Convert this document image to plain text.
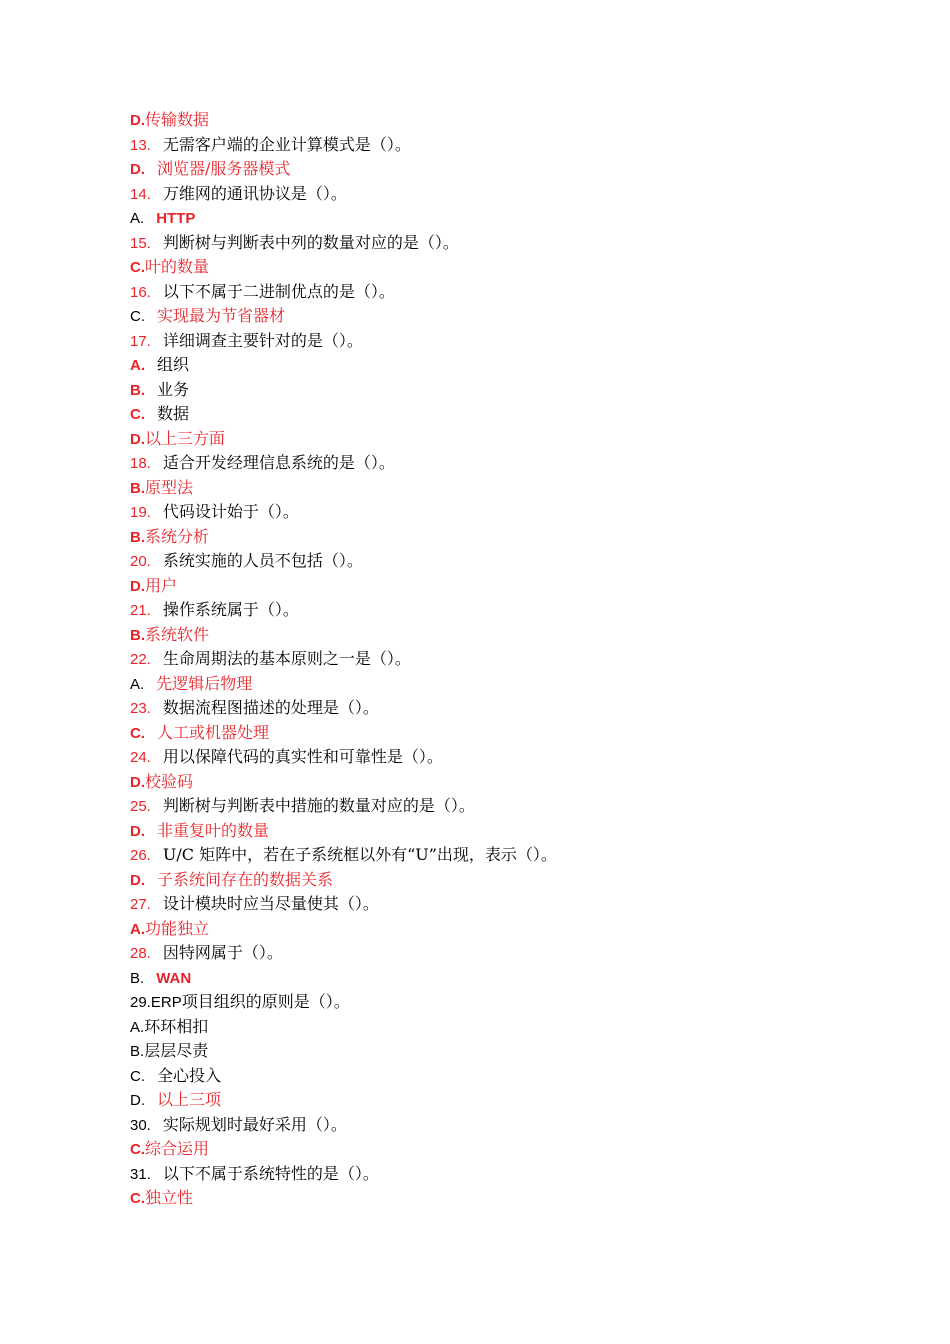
D.传输数据
13. 无需客户端的企业计算模式是（）。
D. 浏览器/服务器模式
14. 万维网的通讯协议是（）。
A. HTTP
15. 判断树与判断表中列的数量对应的是（）。
C.叶的数量
16. 以下不属于二进制优点的是（）。
C. 实现最为节省器材
17. 详细调查主要针对的是（）。
A. 组织
B. 业务
C. 数据
D.以上三方面
18. 适合开发经理信息系统的是（）。
B.原型法
19. 代码设计始于（）。
B.系统分析
20. 系统实施的人员不包括（）。
D.用户
21. 操作系统属于（）。
B.系统软件
22. 生命周期法的基本原则之一是（）。
A. 先逻辑后物理
23. 数据流程图描述的处理是（）。
C. 人工或机器处理
24. 用以保障代码的真实性和可靠性是（）。
D.校验码
25. 判断树与判断表中措施的数量对应的是（）。
D. 非重复叶的数量
26. U/C 矩阵中，若在子系统框以外有“U”出现，表示（）。
D. 子系统间存在的数据关系
27. 设计模块时应当尽量使其（）。
A.功能独立
28. 因特网属于（）。
B. WAN
29.ERP项目组织的原则是（）。
A.环环相扣
B.层层尽责
C. 全心投入
D. 以上三项
30. 实际规划时最好采用（）。
C.综合运用
31. 以下不属于系统特性的是（）。
C.独立性
